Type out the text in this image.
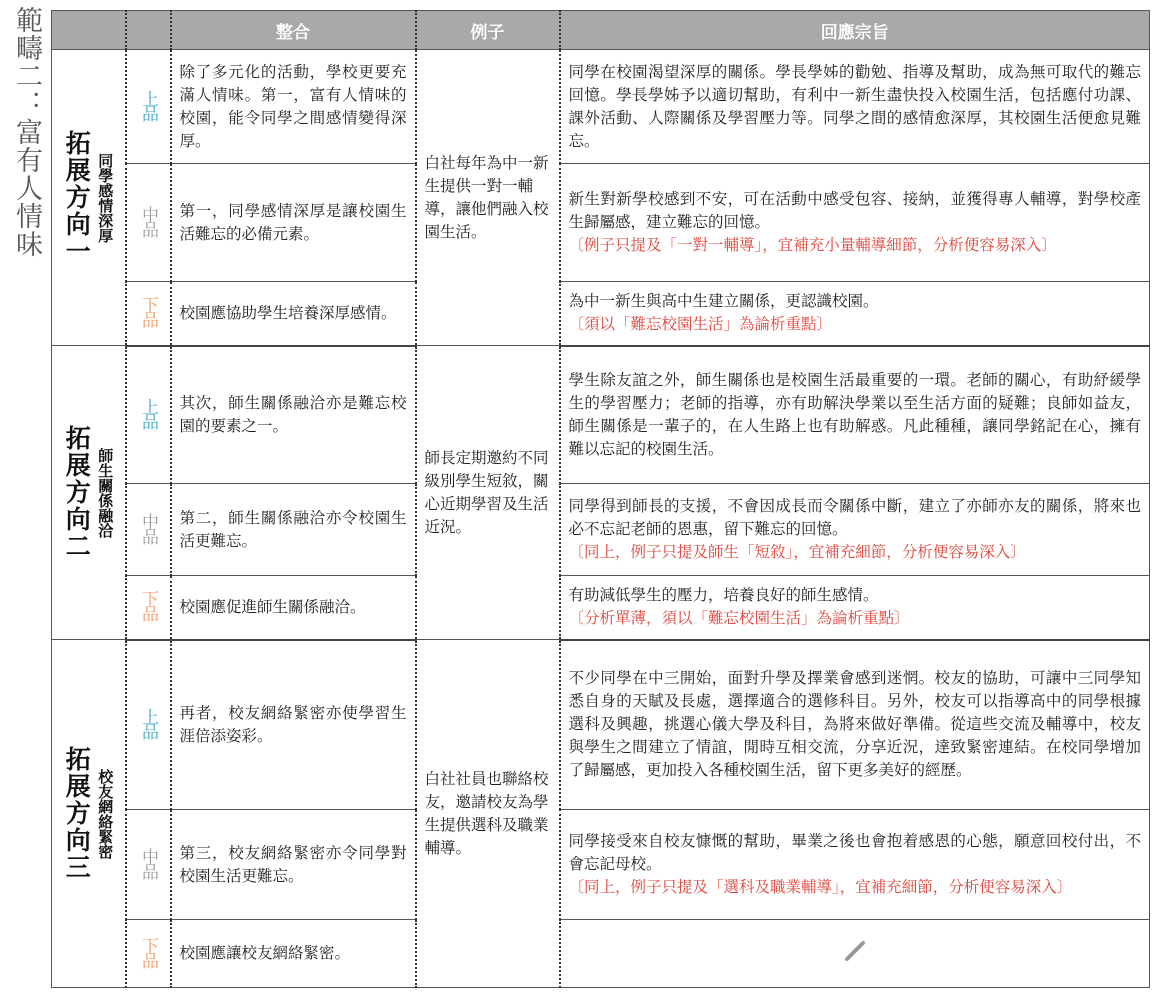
範疇二：富有人情味
			整合	例子	回應宗旨

拓展方向一 同學感情深厚	上品	除了多元化的活動，學校更要充滿人情味。第一，富有人情味的校園，能令同學之間感情變得深厚。	白社每年為中一新生提供一對一輔導，讓他們融入校園生活。	同學在校園渴望深厚的關係。學長學姊的勸勉、指導及幫助，成為無可取代的難忘回憶。學長學姊予以適切幫助，有利中一新生盡快投入校園生活，包括應付功課、課外活動、人際關係及學習壓力等。同學之間的感情愈深厚，其校園生活便愈見難忘。
	中品	第一，同學感情深厚是讓校園生活難忘的必備元素。		新生對新學校感到不安，可在活動中感受包容、接納，並獲得專人輔導，對學校產生歸屬感，建立難忘的回憶。
〔例子只提及「一對一輔導」，宜補充小量輔導細節，分析便容易深入〕

	下品	校園應協助學生培養深厚感情。		為中一新生與高中生建立關係，更認識校園。
〔須以「難忘校園生活」為論析重點〕

拓展方向二 師生關係融洽	上品	其次，師生關係融洽亦是難忘校園的要素之一。	師長定期邀約不同級別學生短敘，關心近期學習及生活近況。	學生除友誼之外，師生關係也是校園生活最重要的一環。老師的關心，有助紓緩學生的學習壓力；老師的指導，亦有助解決學業以至生活方面的疑難；良師如益友，師生關係是一輩子的，在人生路上也有助解惑。凡此種種，讓同學銘記在心，擁有難以忘記的校園生活。
	中品	第二，師生關係融洽亦令校園生活更難忘。		同學得到師長的支援，不會因成長而令關係中斷，建立了亦師亦友的關係，將來也必不忘記老師的恩惠，留下難忘的回憶。
〔同上，例子只提及師生「短敘」，宜補充細節，分析便容易深入〕

	下品	校園應促進師生關係融洽。		有助減低學生的壓力，培養良好的師生感情。
〔分析單薄，須以「難忘校園生活」為論析重點〕

拓展方向三 校友網絡緊密	上品	再者，校友網絡緊密亦使學習生涯倍添姿彩。	白社社員也聯絡校友，邀請校友為學生提供選科及職業輔導。	不少同學在中三開始，面對升學及擇業會感到迷惘。校友的協助，可讓中三同學知悉自身的天賦及長處，選擇適合的選修科目。另外，校友可以指導高中的同學根據選科及興趣，挑選心儀大學及科目，為將來做好準備。從這些交流及輔導中，校友與學生之間建立了情誼，閒時互相交流，分享近況，達致緊密連結。在校同學增加了歸屬感，更加投入各種校園生活，留下更多美好的經歷。
	中品	第三，校友網絡緊密亦令同學對校園生活更難忘。		同學接受來自校友慷慨的幫助，畢業之後也會抱着感恩的心態，願意回校付出，不會忘記母校。
〔同上，例子只提及「選科及職業輔導」，宜補充細節，分析便容易深入〕

	下品	校園應讓校友網絡緊密。	
